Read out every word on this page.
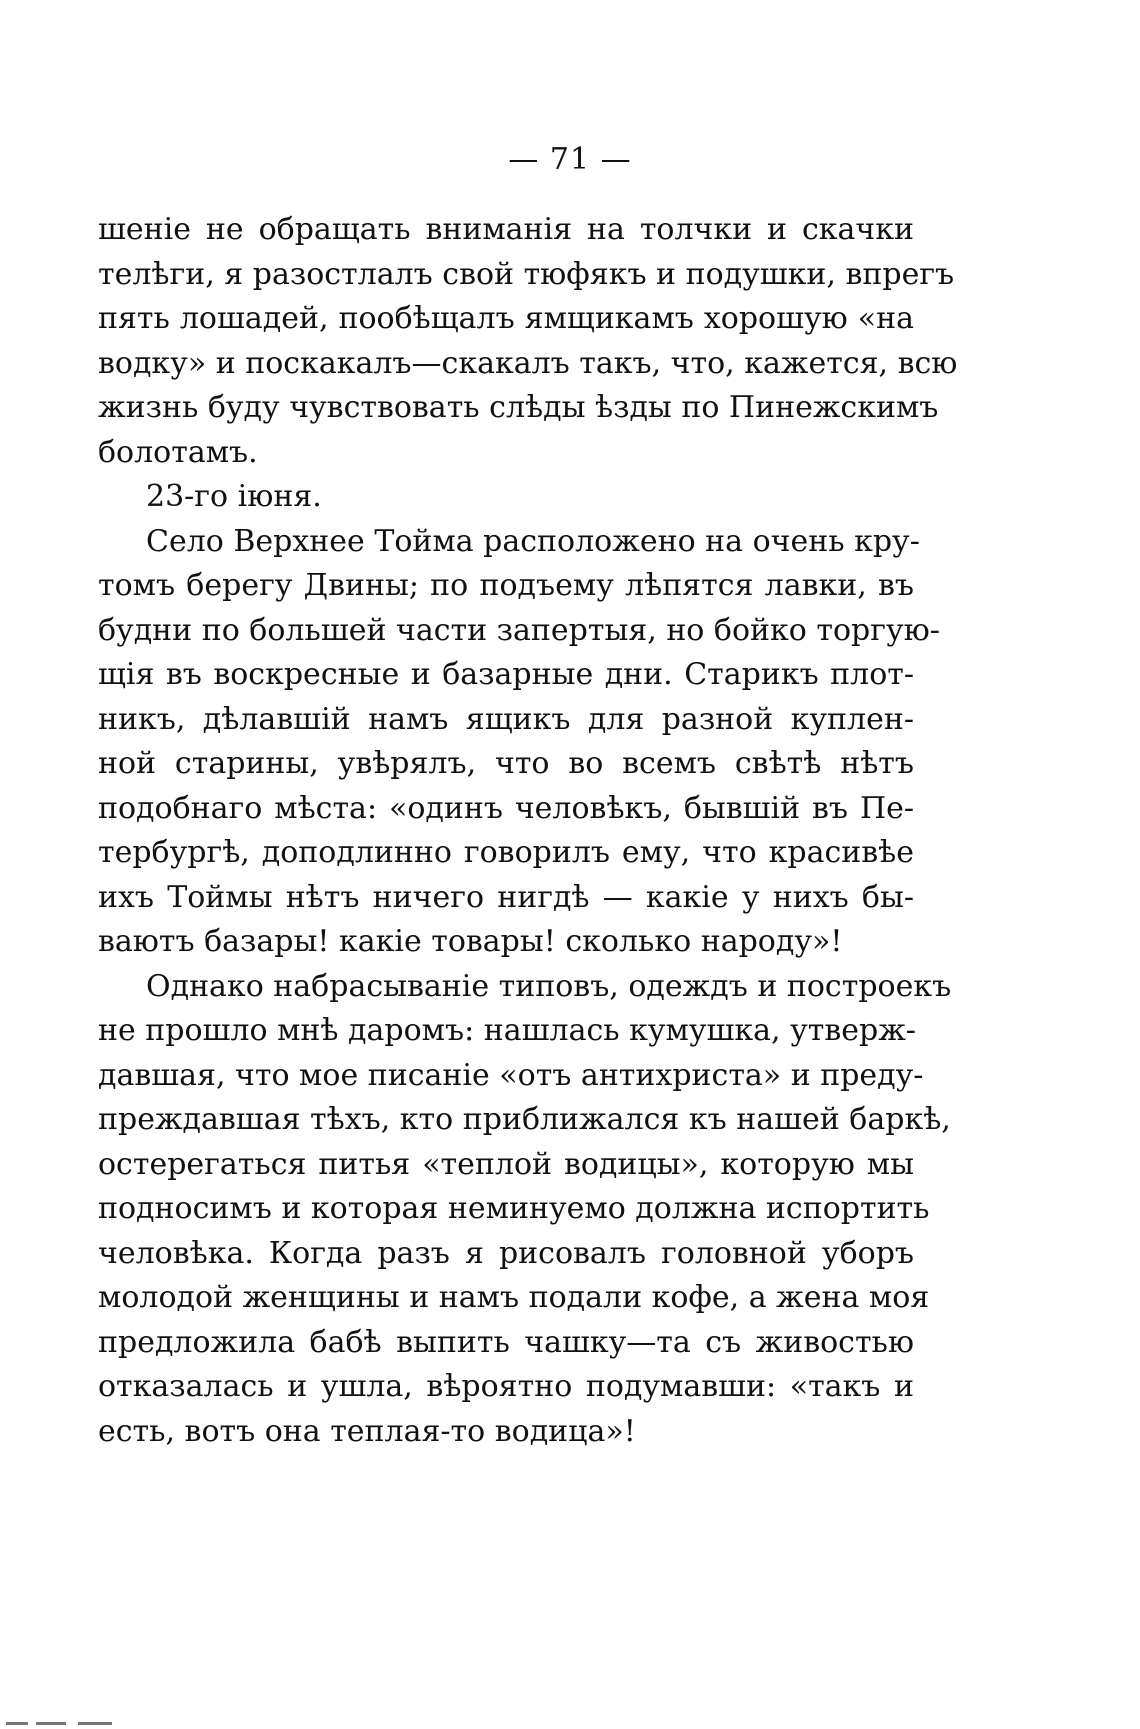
— 71 —
шеніе не обращать вниманія на толчки и скачки
телѣги, я разостлалъ свой тюфякъ и подушки, впрегъ
пять лошадей, пообѣщалъ ямщикамъ хорошую «на
водку» и поскакалъ—скакалъ такъ, что, кажется, всю
жизнь буду чувствовать слѣды ѣзды по Пинежскимъ
болотамъ.
23-го іюня.
Село Верхнее Тойма расположено на очень кру-
томъ берегу Двины; по подъему лѣпятся лавки, въ
будни по большей части запертыя, но бойко торгую-
щія въ воскресные и базарные дни. Старикъ плот-
никъ, дѣлавшій намъ ящикъ для разной куплен-
ной старины, увѣрялъ, что во всемъ свѣтѣ нѣтъ
подобнаго мѣста: «одинъ человѣкъ, бывшій въ Пе-
тербургѣ, доподлинно говорилъ ему, что красивѣе
ихъ Тоймы нѣтъ ничего нигдѣ — какіе у нихъ бы-
ваютъ базары! какіе товары! сколько народу»!
Однако набрасываніе типовъ, одеждъ и построекъ
не прошло мнѣ даромъ: нашлась кумушка, утверж-
давшая, что мое писаніе «отъ антихриста» и преду-
преждавшая тѣхъ, кто приближался къ нашей баркѣ,
остерегаться питья «теплой водицы», которую мы
подносимъ и которая неминуемо должна испортить
человѣка. Когда разъ я рисовалъ головной уборъ
молодой женщины и намъ подали кофе, а жена моя
предложила бабѣ выпить чашку—та съ живостью
отказалась и ушла, вѣроятно подумавши: «такъ и
есть, вотъ она теплая-то водица»!
